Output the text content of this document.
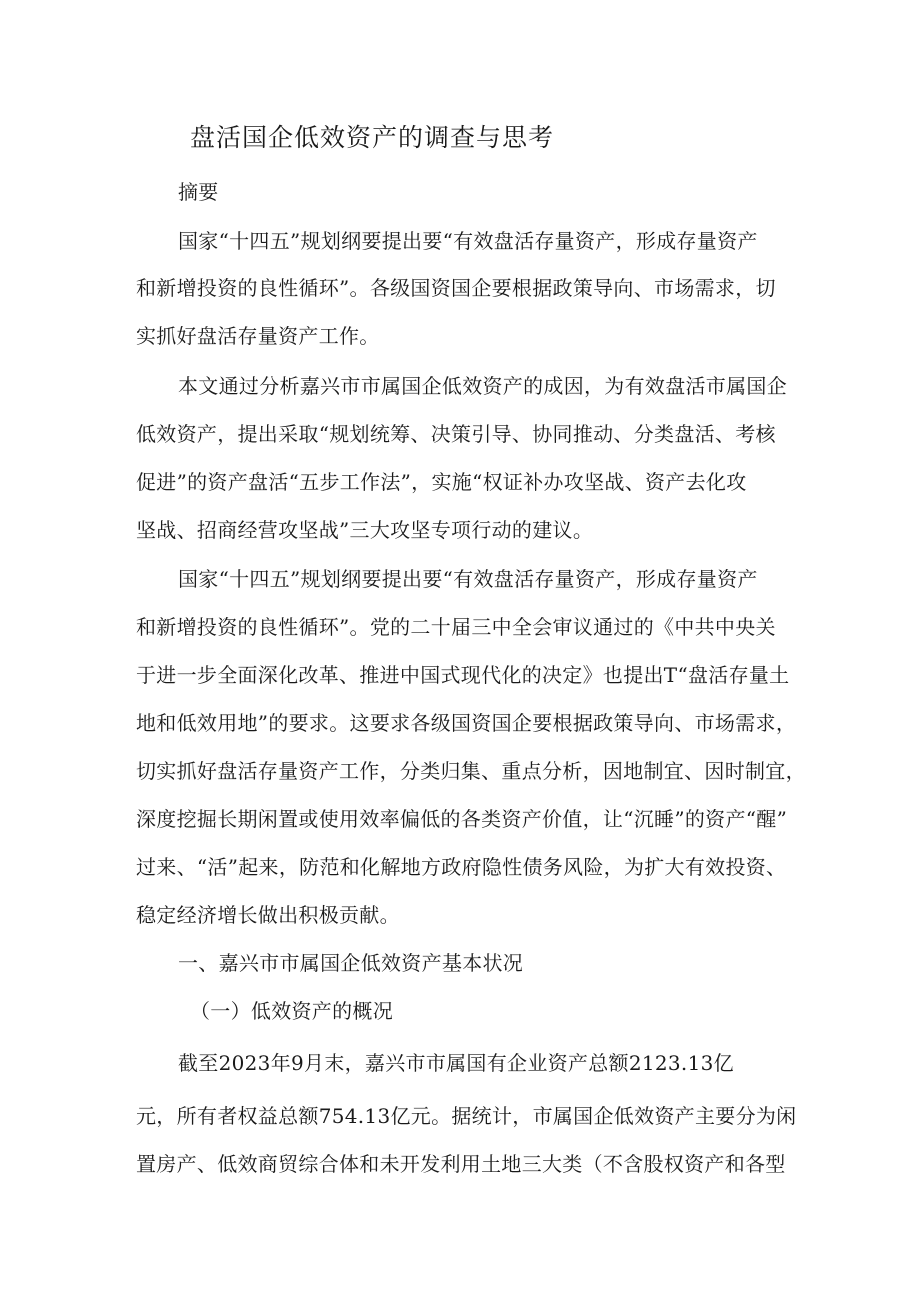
盘活国企低效资产的调查与思考
摘要
国家“十四五”规划纲要提出要“有效盘活存量资产，形成存量资产
和新增投资的良性循环”。各级国资国企要根据政策导向、市场需求，切
实抓好盘活存量资产工作。
本文通过分析嘉兴市市属国企低效资产的成因，为有效盘活市属国企
低效资产，提出采取“规划统筹、决策引导、协同推动、分类盘活、考核
促进”的资产盘活“五步工作法”，实施“权证补办攻坚战、资产去化攻
坚战、招商经营攻坚战”三大攻坚专项行动的建议。
国家“十四五”规划纲要提出要“有效盘活存量资产，形成存量资产
和新增投资的良性循环”。党的二十届三中全会审议通过的《中共中央关
于进一步全面深化改革、推进中国式现代化的决定》也提出T“盘活存量土
地和低效用地”的要求。这要求各级国资国企要根据政策导向、市场需求，
切实抓好盘活存量资产工作，分类归集、重点分析，因地制宜、因时制宜，
深度挖掘长期闲置或使用效率偏低的各类资产价值，让“沉睡”的资产“醒”
过来、“活”起来，防范和化解地方政府隐性债务风险，为扩大有效投资、
稳定经济增长做出积极贡献。
一、嘉兴市市属国企低效资产基本状况
（一）低效资产的概况
截至2023年9月末，嘉兴市市属国有企业资产总额2123.13亿
元，所有者权益总额754.13亿元。据统计，市属国企低效资产主要分为闲
置房产、低效商贸综合体和未开发利用土地三大类（不含股权资产和各型
